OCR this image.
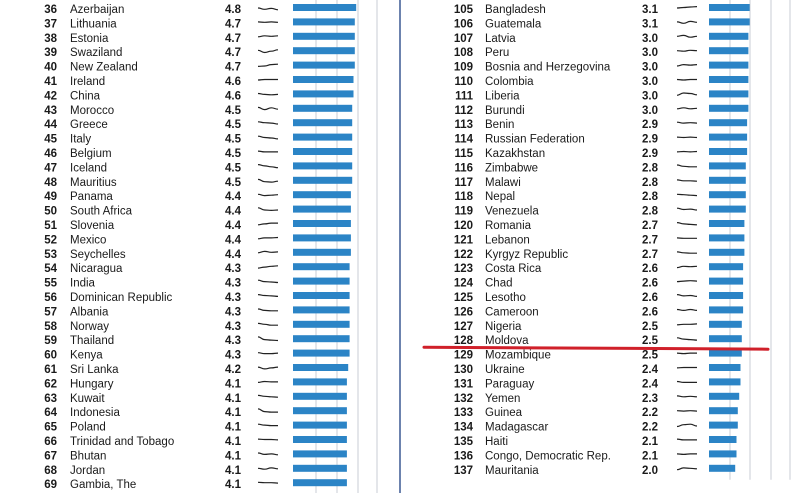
36 Azerbaijan	4.8
37 Lithuania	4.7
38 Estonia	4.7
39 Swaziland	4.7
40 New Zealand	4.7
41 Ireland	4.6
42 China	4.6
43 Morocco	4.5
44 Greece	4.5
45 Italy	4.5
46 Belgium	4.5
47 Iceland	4.5
48 Mauritius	4.5
49 Panama	4.4
50 South Africa	4.4
51 Slovenia	4.4
52 Mexico	4.4
53 Seychelles	4.4
54 Nicaragua	4.3
55 India	4.3
56 Dominican Republic	4.3
57 Albania	4.3
58 Norway	4.3
59 Thailand	4.3
60 Kenya	4.3
61 Sri Lanka	4.2
62 Hungary	4.1
63 Kuwait	4.1
64 Indonesia	4.1
65 Poland	4.1
66 Trinidad and Tobago	4.1
67 Bhutan	4.1
68 Jordan	4.1
69 Gambia, The	4.1
105 Bangladesh	3.1
106 Guatemala	3.1
107 Latvia	3.0
108 Peru	3.0
109 Bosnia and Herzegovina	3.0
110 Colombia	3.0
111 Liberia	3.0
112 Burundi	3.0
113 Benin	2.9
114 Russian Federation	2.9
115 Kazakhstan	2.9
116 Zimbabwe	2.8
117 Malawi	2.8
118 Nepal	2.8
119 Venezuela	2.8
120 Romania	2.7
121 Lebanon	2.7
122 Kyrgyz Republic	2.7
123 Costa Rica	2.6
124 Chad	2.6
125 Lesotho	2.6
126 Cameroon	2.6
127 Nigeria	2.5
128 Moldova	2.5
129 Mozambique	2.5
130 Ukraine	2.4
131 Paraguay	2.4
132 Yemen	2.3
133 Guinea	2.2
134 Madagascar	2.2
135 Haiti	2.1
136 Congo, Democratic Rep.	2.1
137 Mauritania	2.0
